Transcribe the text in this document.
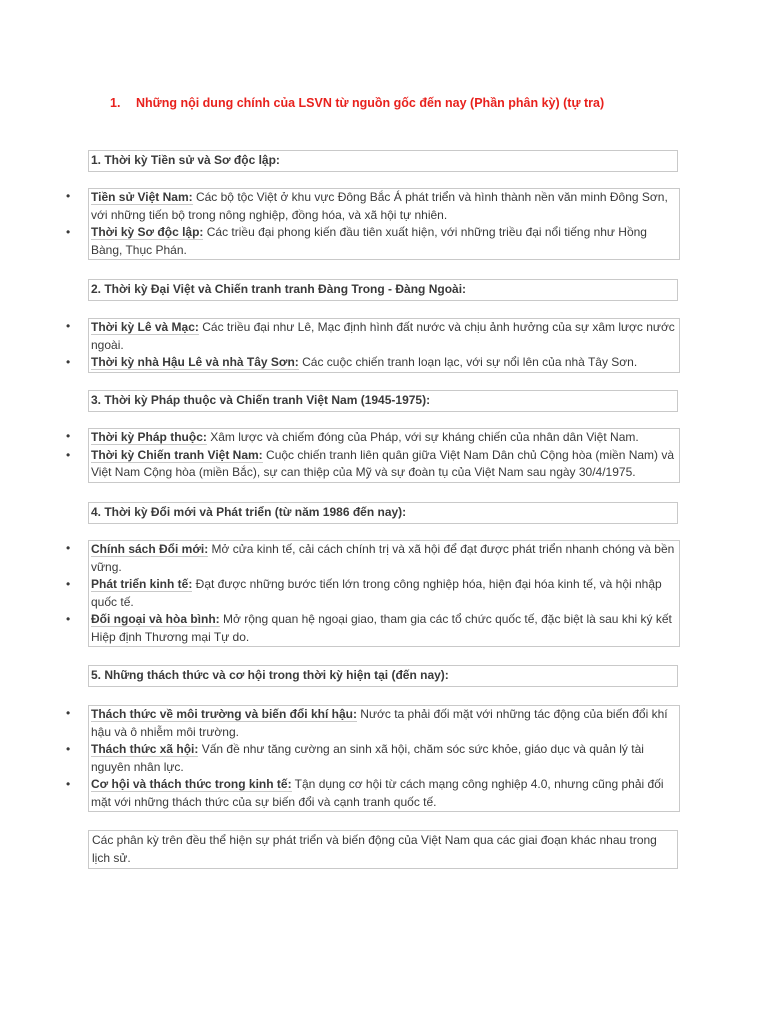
1. Những nội dung chính của LSVN từ nguồn gốc đến nay (Phần phân kỳ) (tự tra)
1. Thời kỳ Tiền sử và Sơ độc lập:
• Tiền sử Việt Nam: Các bộ tộc Việt ở khu vực Đông Bắc Á phát triển và hình thành nền văn minh Đông Sơn, với những tiến bộ trong nông nghiệp, đồng hóa, và xã hội tự nhiên.
• Thời kỳ Sơ độc lập: Các triều đại phong kiến đầu tiên xuất hiện, với những triều đại nổi tiếng như Hồng Bàng, Thục Phán.
2. Thời kỳ Đại Việt và Chiến tranh tranh Đàng Trong - Đàng Ngoài:
• Thời kỳ Lê và Mạc: Các triều đại như Lê, Mạc định hình đất nước và chịu ảnh hưởng của sự xâm lược nước ngoài.
• Thời kỳ nhà Hậu Lê và nhà Tây Sơn: Các cuộc chiến tranh loạn lạc, với sự nổi lên của nhà Tây Sơn.
3. Thời kỳ Pháp thuộc và Chiến tranh Việt Nam (1945-1975):
• Thời kỳ Pháp thuộc: Xâm lược và chiếm đóng của Pháp, với sự kháng chiến của nhân dân Việt Nam.
• Thời kỳ Chiến tranh Việt Nam: Cuộc chiến tranh liên quân giữa Việt Nam Dân chủ Cộng hòa (miền Nam) và Việt Nam Cộng hòa (miền Bắc), sự can thiệp của Mỹ và sự đoàn tụ của Việt Nam sau ngày 30/4/1975.
4. Thời kỳ Đổi mới và Phát triển (từ năm 1986 đến nay):
• Chính sách Đổi mới: Mở cửa kinh tế, cải cách chính trị và xã hội để đạt được phát triển nhanh chóng và bền vững.
• Phát triển kinh tế: Đạt được những bước tiến lớn trong công nghiệp hóa, hiện đại hóa kinh tế, và hội nhập quốc tế.
• Đối ngoại và hòa bình: Mở rộng quan hệ ngoại giao, tham gia các tổ chức quốc tế, đặc biệt là sau khi ký kết Hiệp định Thương mại Tự do.
5. Những thách thức và cơ hội trong thời kỳ hiện tại (đến nay):
• Thách thức về môi trường và biến đổi khí hậu: Nước ta phải đối mặt với những tác động của biến đổi khí hậu và ô nhiễm môi trường.
• Thách thức xã hội: Vấn đề như tăng cường an sinh xã hội, chăm sóc sức khỏe, giáo dục và quản lý tài nguyên nhân lực.
• Cơ hội và thách thức trong kinh tế: Tận dụng cơ hội từ cách mạng công nghiệp 4.0, nhưng cũng phải đối mặt với những thách thức của sự biến đổi và cạnh tranh quốc tế.
Các phân kỳ trên đều thể hiện sự phát triển và biến động của Việt Nam qua các giai đoạn khác nhau trong lịch sử.
